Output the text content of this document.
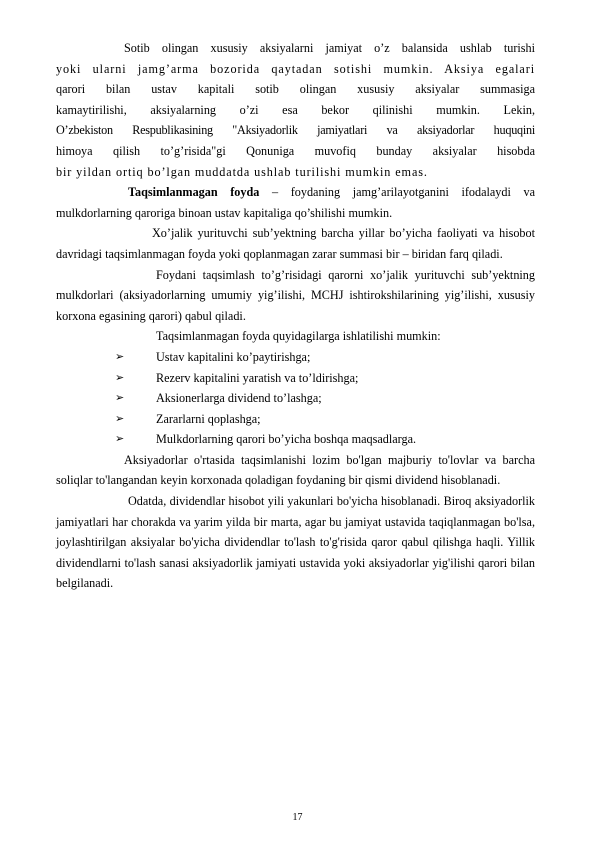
Sotib olingan xususiy aksiyalarni jamiyat o’z balansida ushlab turishi

yoki ularni jamg’arma bozorida qaytadan sotishi mumkin. Aksiya egalari

qarori bilan ustav kapitali sotib olingan xususiy aksiyalar summasiga

kamaytirilishi, aksiyalarning o’zi esa bekor qilinishi mumkin. Lekin,

O’zbekiston Respublikasining "Aksiyadorlik jamiyatlari va aksiyadorlar huquqini

himoya qilish to’g’risida"gi Qonuniga muvofiq bunday aksiyalar hisobda

bir yildan ortiq bo’lgan muddatda ushlab turilishi mumkin emas.

Taqsimlanmagan foyda – foydaning jamg’arilayotganini ifodalaydi va mulkdorlarning qaroriga binoan ustav kapitaliga qo’shilishi mumkin.

Xo’jalik yurituvchi sub’yektning barcha yillar bo’yicha faoliyati va hisobot davridagi taqsimlanmagan foyda yoki qoplanmagan zarar summasi bir – biridan farq qiladi.

Foydani taqsimlash to’g’risidagi qarorni xo’jalik yurituvchi sub’yektning mulkdorlari (aksiyadorlarning umumiy yig’ilishi, MCHJ ishtirokshilarining yig’ilishi, xususiy korxona egasining qarori) qabul qiladi.

Taqsimlanmagan foyda quyidagilarga ishlatilishi mumkin:

➢	Ustav kapitalini ko’paytirishga;
➢	Rezerv kapitalini yaratish va to’ldirishga;
➢	Aksionerlarga dividend to’lashga;
➢	Zararlarni qoplashga;
➢	Mulkdorlarning qarori bo’yicha boshqa maqsadlarga.

Aksiyadorlar o'rtasida taqsimlanishi lozim bo'lgan majburiy to'lovlar va barcha soliqlar to'langandan keyin korxonada qoladigan foydaning bir qismi dividend hisoblanadi.

Odatda, dividendlar hisobot yili yakunlari bo'yicha hisoblanadi. Biroq aksiyadorlik jamiyatlari har chorakda va yarim yilda bir marta, agar bu jamiyat ustavida taqiqlanmagan bo'lsa, joylashtirilgan aksiyalar bo'yicha dividendlar to'lash to'g'risida qaror qabul qilishga haqli. Yillik dividendlarni to'lash sanasi aksiyadorlik jamiyati ustavida yoki aksiyadorlar yig'ilishi qarori bilan belgilanadi.

17
